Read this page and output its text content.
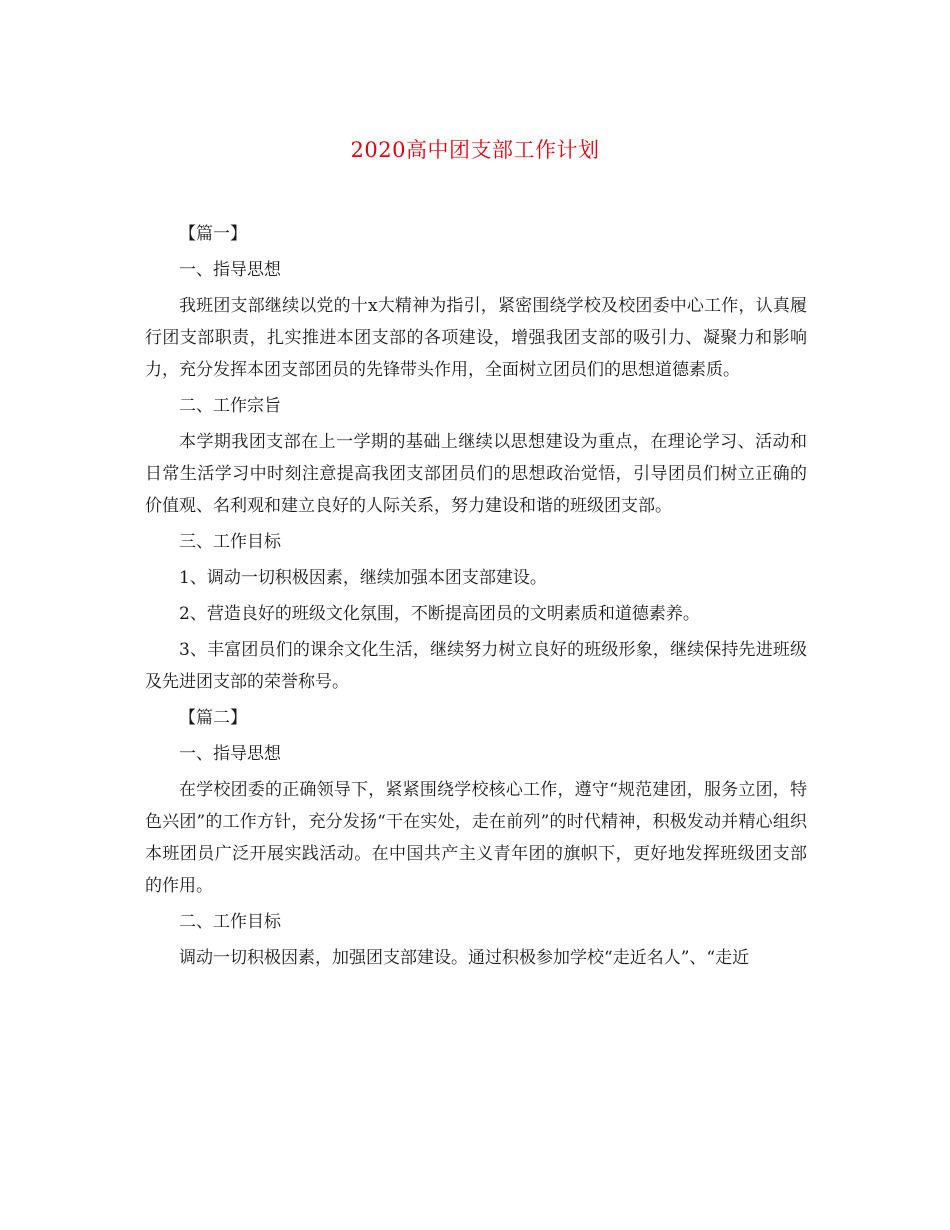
2020高中团支部工作计划

【篇一】

一、指导思想

我班团支部继续以党的十x大精神为指引，紧密围绕学校及校团委中心工作，认真履行团支部职责，扎实推进本团支部的各项建设，增强我团支部的吸引力、凝聚力和影响力，充分发挥本团支部团员的先锋带头作用，全面树立团员们的思想道德素质。

二、工作宗旨

本学期我团支部在上一学期的基础上继续以思想建设为重点，在理论学习、活动和日常生活学习中时刻注意提高我团支部团员们的思想政治觉悟，引导团员们树立正确的价值观、名利观和建立良好的人际关系，努力建设和谐的班级团支部。

三、工作目标

1、调动一切积极因素，继续加强本团支部建设。

2、营造良好的班级文化氛围，不断提高团员的文明素质和道德素养。

3、丰富团员们的课余文化生活，继续努力树立良好的班级形象，继续保持先进班级及先进团支部的荣誉称号。

【篇二】

一、指导思想

在学校团委的正确领导下，紧紧围绕学校核心工作，遵守“规范建团，服务立团，特色兴团”的工作方针，充分发扬“干在实处，走在前列”的时代精神，积极发动并精心组织本班团员广泛开展实践活动。在中国共产主义青年团的旗帜下，更好地发挥班级团支部的作用。

二、工作目标

调动一切积极因素，加强团支部建设。通过积极参加学校“走近名人”、“走近
